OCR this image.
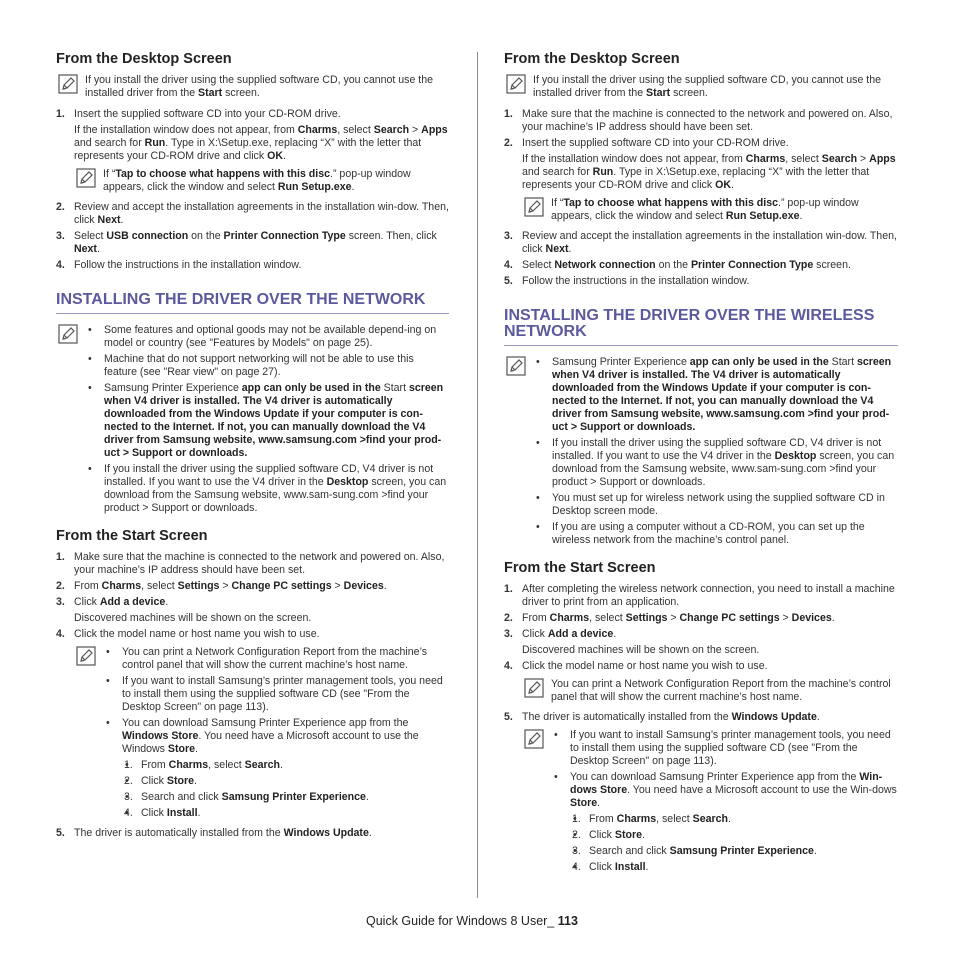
From the Desktop Screen

If you install the driver using the supplied software CD, you cannot use the installed driver from the Start screen.

1. Insert the supplied software CD into your CD-ROM drive.

If the installation window does not appear, from Charms, select Search > Apps and search for Run. Type in X:\Setup.exe, replacing “X” with the letter that represents your CD-ROM drive and click OK.

If “Tap to choose what happens with this disc.” pop-up window appears, click the window and select Run Setup.exe.

2. Review and accept the installation agreements in the installation win-dow. Then, click Next.

3. Select USB connection on the Printer Connection Type screen. Then, click Next.

4. Follow the instructions in the installation window.

INSTALLING THE DRIVER OVER THE NETWORK
• Some features and optional goods may not be available depend-ing on model or country (see "Features by Models" on page 25).
• Machine that do not support networking will not be able to use this feature (see "Rear view" on page 27).
• Samsung Printer Experience app can only be used in the Start screen when V4 driver is installed. The V4 driver is automatically downloaded from the Windows Update if your computer is con-nected to the Internet. If not, you can manually download the V4 driver from Samsung website, www.samsung.com >find your prod-uct > Support or downloads.
• If you install the driver using the supplied software CD, V4 driver is not installed. If you want to use the V4 driver in the Desktop screen, you can download from the Samsung website, www.sam-sung.com >find your product > Support or downloads.
From the Start Screen
1. Make sure that the machine is connected to the network and powered on. Also, your machine’s IP address should have been set.

2. From Charms, select Settings > Change PC settings > Devices.

3. Click Add a device.

Discovered machines will be shown on the screen.

4. Click the model name or host name you wish to use.

• You can print a Network Configuration Report from the machine’s control panel that will show the current machine’s host name.
• If you want to install Samsung’s printer management tools, you need to install them using the supplied software CD (see "From the Desktop Screen" on page 113).
• You can download Samsung Printer Experience app from the Windows Store. You need have a Microsoft account to use the Windows Store.
• 1. From Charms, select Search.
• 2. Click Store.
• 3. Search and click Samsung Printer Experience.
• 4. Click Install.
5. The driver is automatically installed from the Windows Update.

From the Desktop Screen

If you install the driver using the supplied software CD, you cannot use the installed driver from the Start screen.

1. Make sure that the machine is connected to the network and powered on. Also, your machine’s IP address should have been set.

2. Insert the supplied software CD into your CD-ROM drive.

If the installation window does not appear, from Charms, select Search > Apps and search for Run. Type in X:\Setup.exe, replacing “X” with the letter that represents your CD-ROM drive and click OK.

If “Tap to choose what happens with this disc.” pop-up window appears, click the window and select Run Setup.exe.

3. Review and accept the installation agreements in the installation win-dow. Then, click Next.

4. Select Network connection on the Printer Connection Type screen.

5. Follow the instructions in the installation window.

INSTALLING THE DRIVER OVER THE WIRELESS NETWORK
• Samsung Printer Experience app can only be used in the Start screen when V4 driver is installed. The V4 driver is automatically downloaded from the Windows Update if your computer is con-nected to the Internet. If not, you can manually download the V4 driver from Samsung website, www.samsung.com >find your prod-uct > Support or downloads.
• If you install the driver using the supplied software CD, V4 driver is not installed. If you want to use the V4 driver in the Desktop screen, you can download from the Samsung website, www.sam-sung.com >find your product > Support or downloads.
• You must set up for wireless network using the supplied software CD in Desktop screen mode.
• If you are using a computer without a CD-ROM, you can set up the wireless network from the machine’s control panel.
From the Start Screen
1. After completing the wireless network connection, you need to install a machine driver to print from an application.

2. From Charms, select Settings > Change PC settings > Devices.

3. Click Add a device.

Discovered machines will be shown on the screen.

4. Click the model name or host name you wish to use.

You can print a Network Configuration Report from the machine’s control panel that will show the current machine’s host name.

5. The driver is automatically installed from the Windows Update.

• If you want to install Samsung’s printer management tools, you need to install them using the supplied software CD (see "From the Desktop Screen" on page 113).
• You can download Samsung Printer Experience app from the Win-dows Store. You need have a Microsoft account to use the Win-dows Store.
• 1. From Charms, select Search.
• 2. Click Store.
• 3. Search and click Samsung Printer Experience.
• 4. Click Install.
Quick Guide for Windows 8 User_ 113
